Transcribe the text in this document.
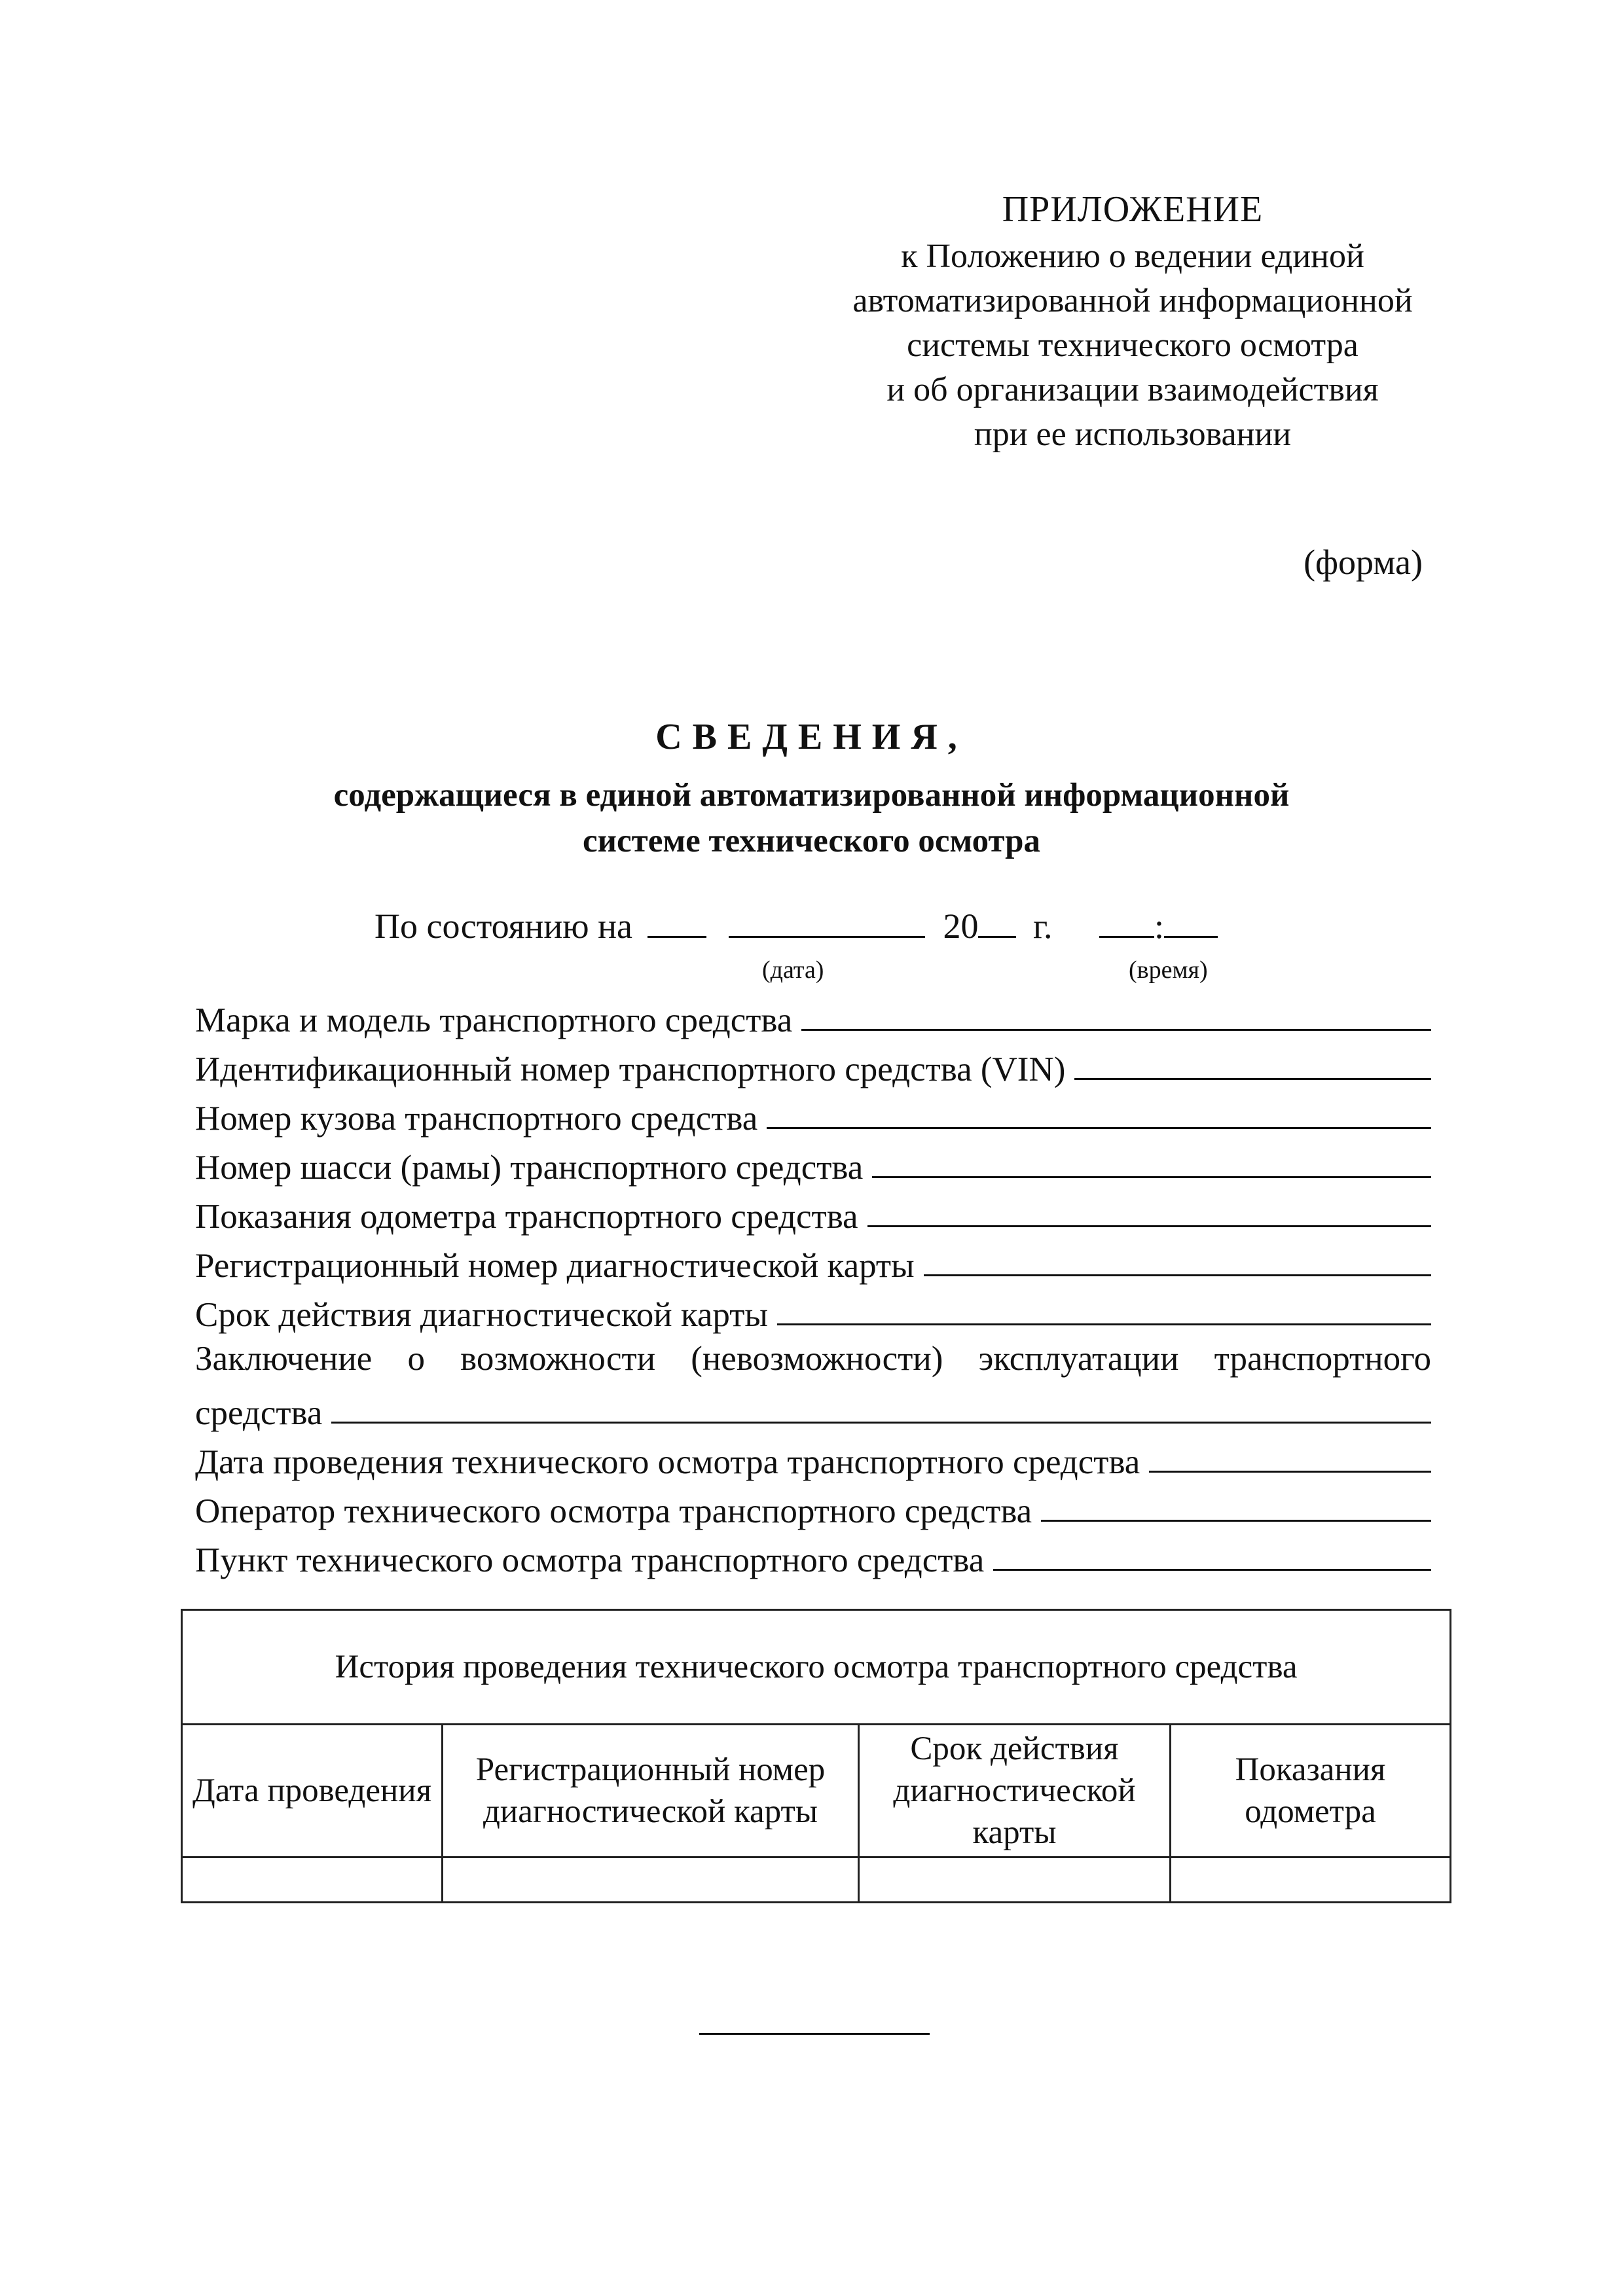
ПРИЛОЖЕНИЕ
к Положению о ведении единой
автоматизированной информационной
системы технического осмотра
и об организации взаимодействия
при ее использовании
(форма)
СВЕДЕНИЯ,
содержащиеся в единой автоматизированной информационной
системе технического осмотра
По состоянию на	20 г.	:
(дата)	(время)
Марка и модель транспортного средства
Идентификационный номер транспортного средства (VIN)
Номер кузова транспортного средства
Номер шасси (рамы) транспортного средства
Показания одометра транспортного средства
Регистрационный номер диагностической карты
Срок действия диагностической карты
Заключение о возможности (невозможности) эксплуатации транспортного
средства
Дата проведения технического осмотра транспортного средства
Оператор технического осмотра транспортного средства
Пункт технического осмотра транспортного средства
История проведения технического осмотра транспортного средства			
Дата проведения	Регистрационный номер диагностической карты	Срок действия диагностической карты	Показания одометра
